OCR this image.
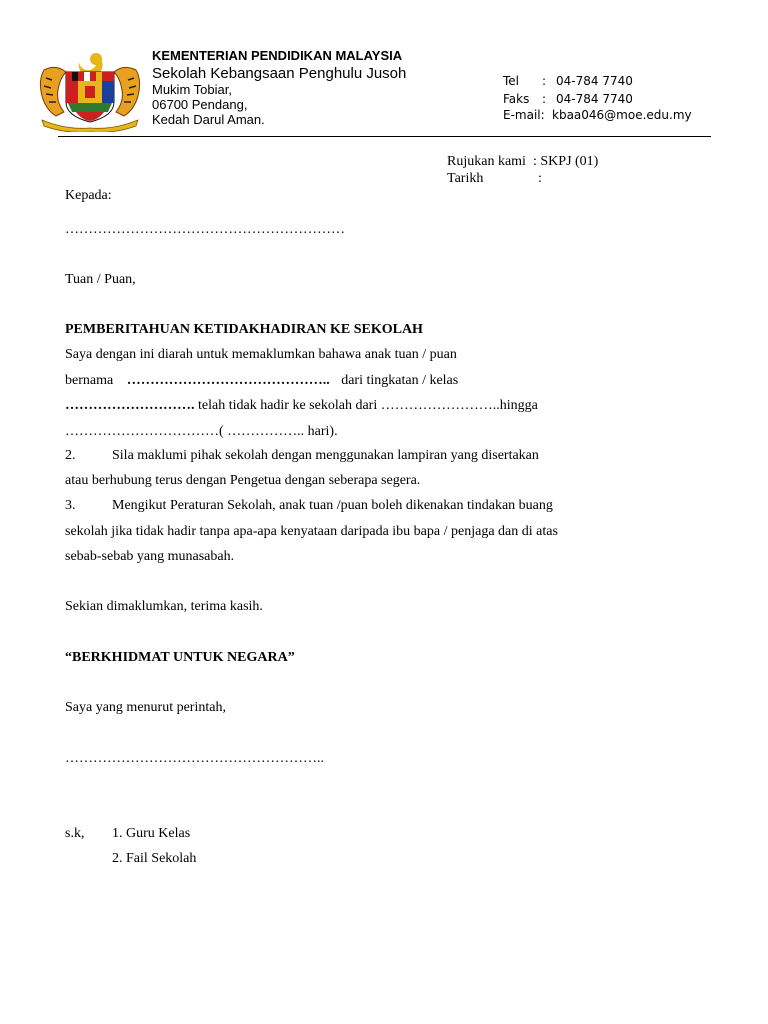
KEMENTERIAN PENDIDIKAN MALAYSIA
Sekolah Kebangsaan Penghulu Jusoh
Mukim Tobiar,
06700 Pendang,
Kedah Darul Aman.
Tel : 04-784 7740
Faks : 04-784 7740
E-mail: kbaa046@moe.edu.my
Rujukan kami : SKPJ (01)
Tarikh	:
Kepada:
……………………………………………………
Tuan / Puan,
PEMBERITAHUAN KETIDAKHADIRAN KE SEKOLAH
Saya dengan ini diarah untuk memaklumkan bahawa anak tuan / puan
bernama …………………………………….. dari tingkatan / kelas
………………………. telah tidak hadir ke sekolah dari ……………………..hingga
……………………………( …………….. hari).
2.	Sila maklumi pihak sekolah dengan menggunakan lampiran yang disertakan
atau berhubung terus dengan Pengetua dengan seberapa segera.
3.	Mengikut Peraturan Sekolah, anak tuan /puan boleh dikenakan tindakan buang
sekolah jika tidak hadir tanpa apa-apa kenyataan daripada ibu bapa / penjaga dan di atas
sebab-sebab yang munasabah.
Sekian dimaklumkan, terima kasih.
“BERKHIDMAT UNTUK NEGARA”
Saya yang menurut perintah,
………………………………………………..
s.k, 1. Guru Kelas
2. Fail Sekolah
